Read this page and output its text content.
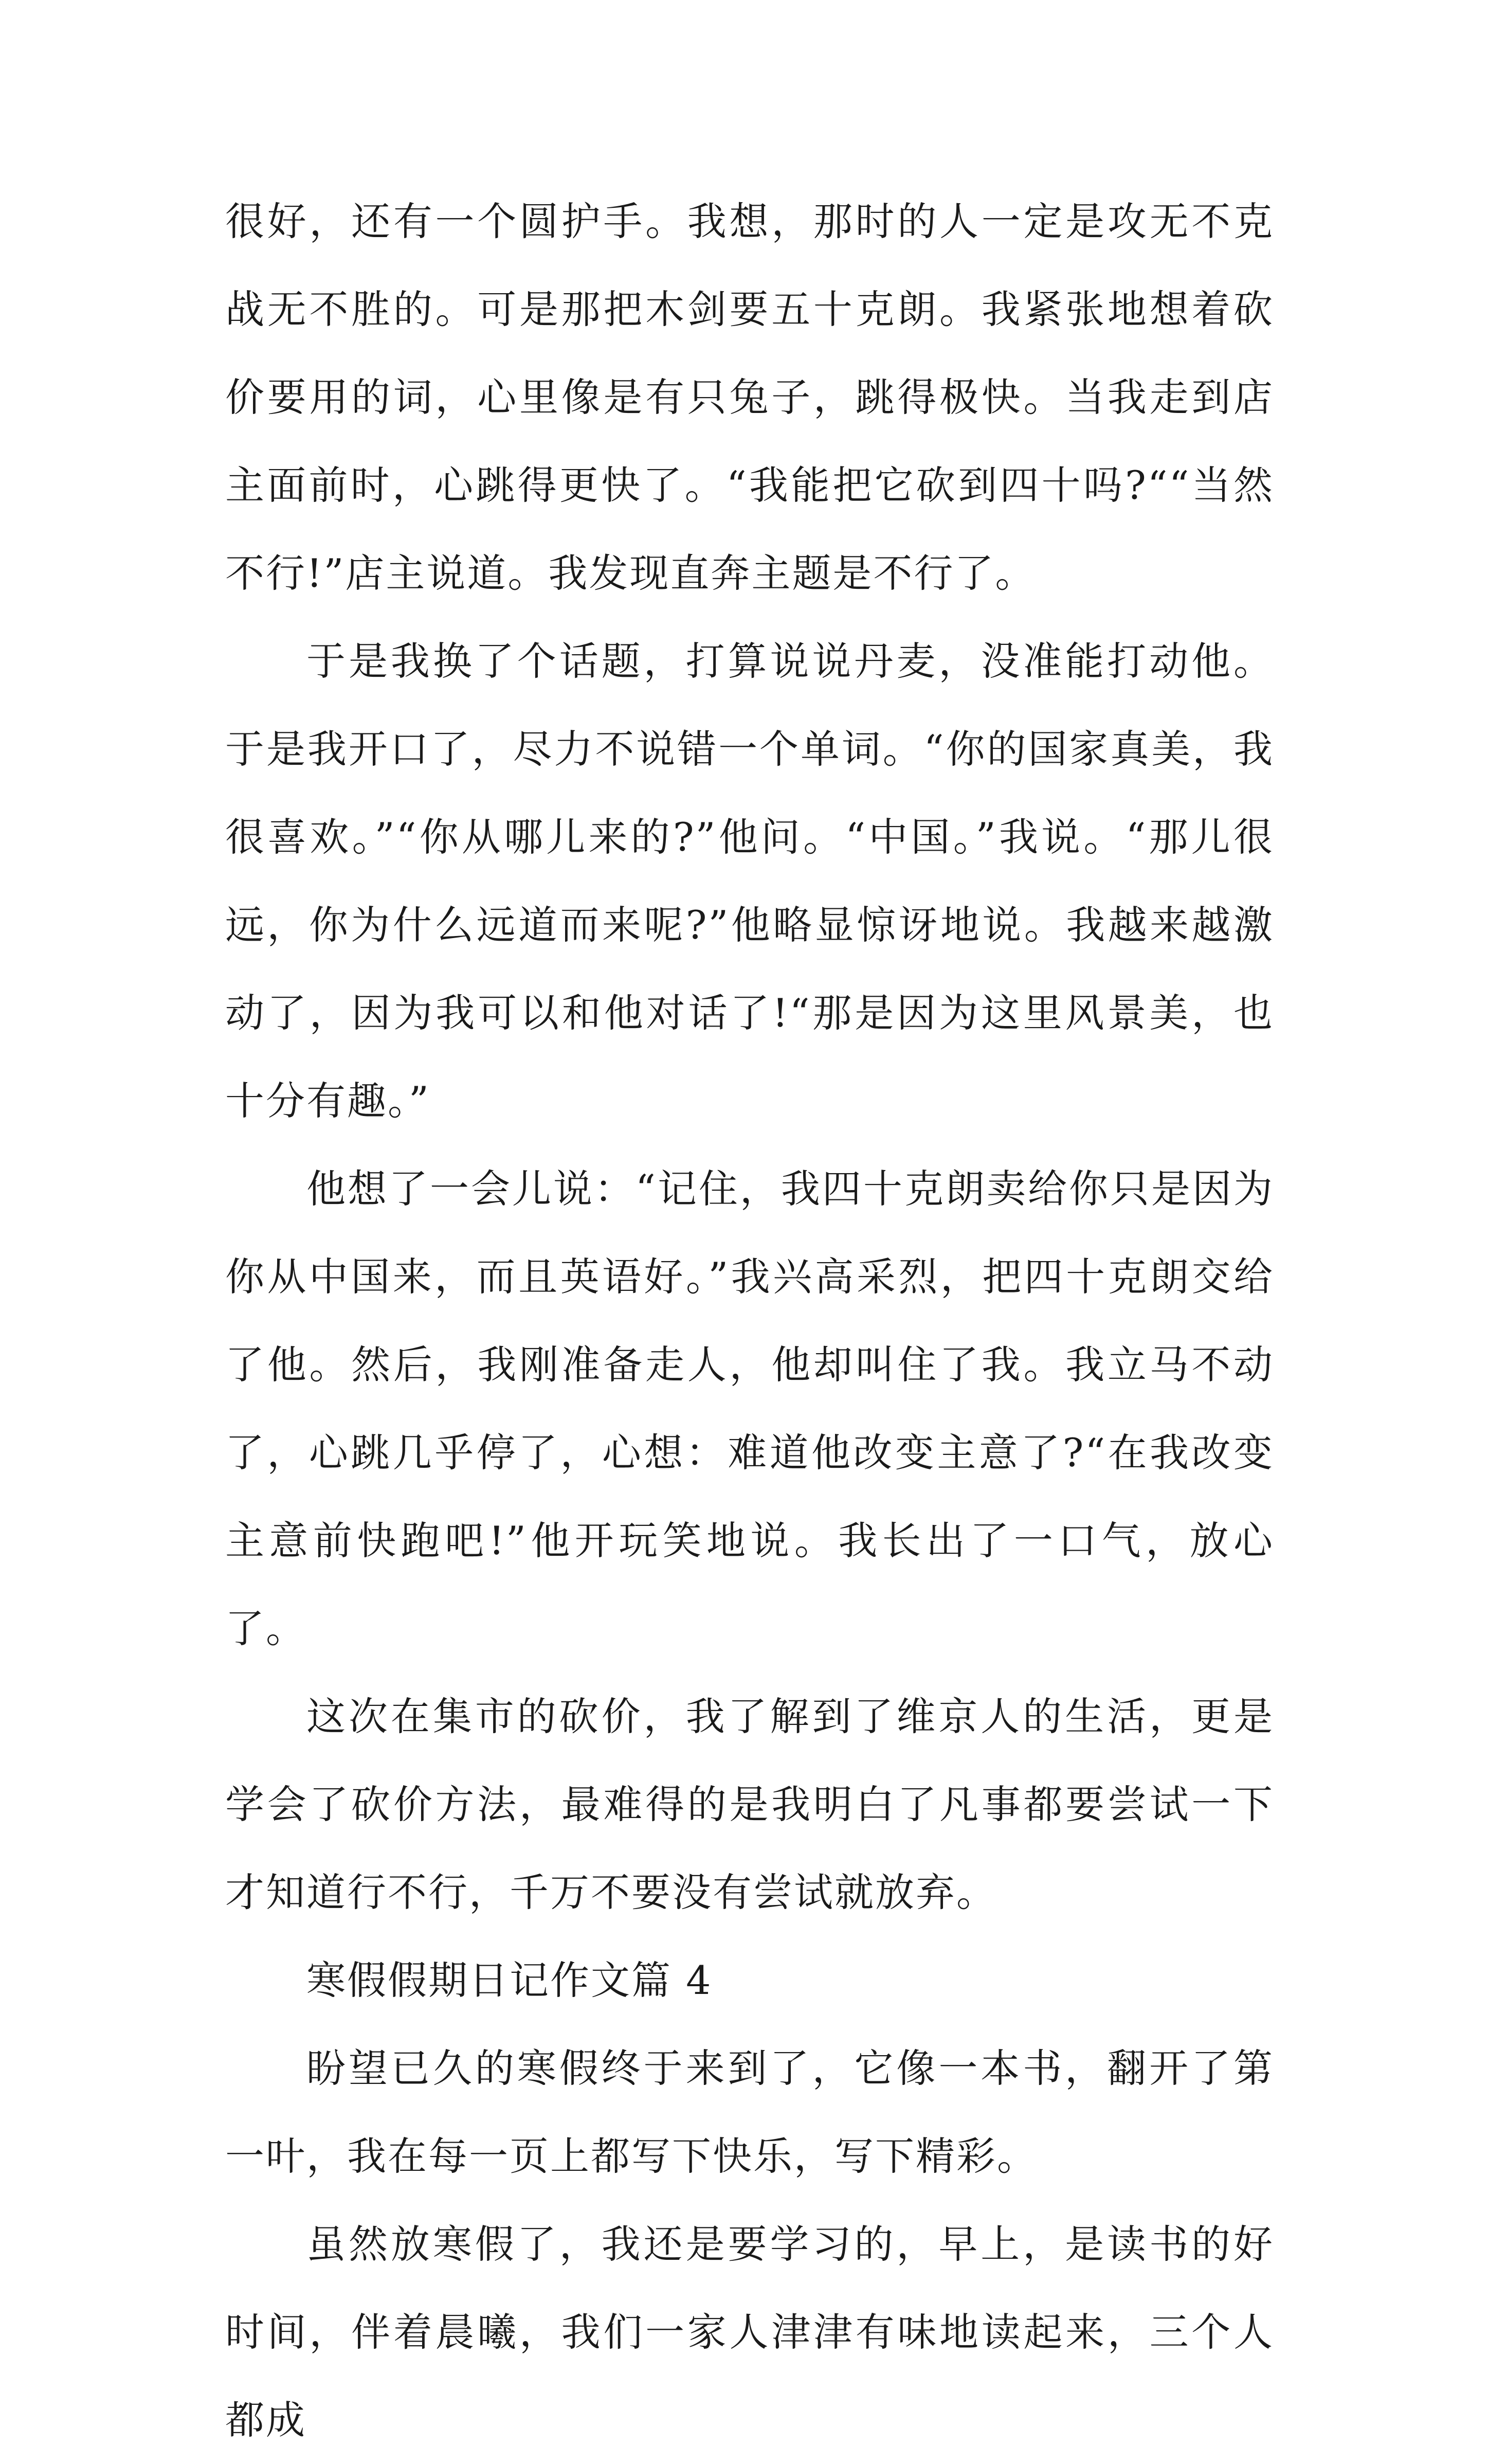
很好，还有一个圆护手。我想，那时的人一定是攻无不克战无不胜的。可是那把木剑要五十克朗。我紧张地想着砍价要用的词，心里像是有只兔子，跳得极快。当我走到店主面前时，心跳得更快了。“我能把它砍到四十吗?““当然不行!”店主说道。我发现直奔主题是不行了。

于是我换了个话题，打算说说丹麦，没准能打动他。于是我开口了，尽力不说错一个单词。“你的国家真美，我很喜欢。”“你从哪儿来的?”他问。“中国。”我说。“那儿很远，你为什么远道而来呢?”他略显惊讶地说。我越来越激动了，因为我可以和他对话了!“那是因为这里风景美，也十分有趣。”

他想了一会儿说：“记住，我四十克朗卖给你只是因为你从中国来，而且英语好。”我兴高采烈，把四十克朗交给了他。然后，我刚准备走人，他却叫住了我。我立马不动了，心跳几乎停了，心想：难道他改变主意了?“在我改变主意前快跑吧!”他开玩笑地说。我长出了一口气，放心了。

这次在集市的砍价，我了解到了维京人的生活，更是学会了砍价方法，最难得的是我明白了凡事都要尝试一下才知道行不行，千万不要没有尝试就放弃。

寒假假期日记作文篇 4

盼望已久的寒假终于来到了，它像一本书，翻开了第一叶，我在每一页上都写下快乐，写下精彩。

虽然放寒假了，我还是要学习的，早上，是读书的好时间，伴着晨曦，我们一家人津津有味地读起来，三个人都成
